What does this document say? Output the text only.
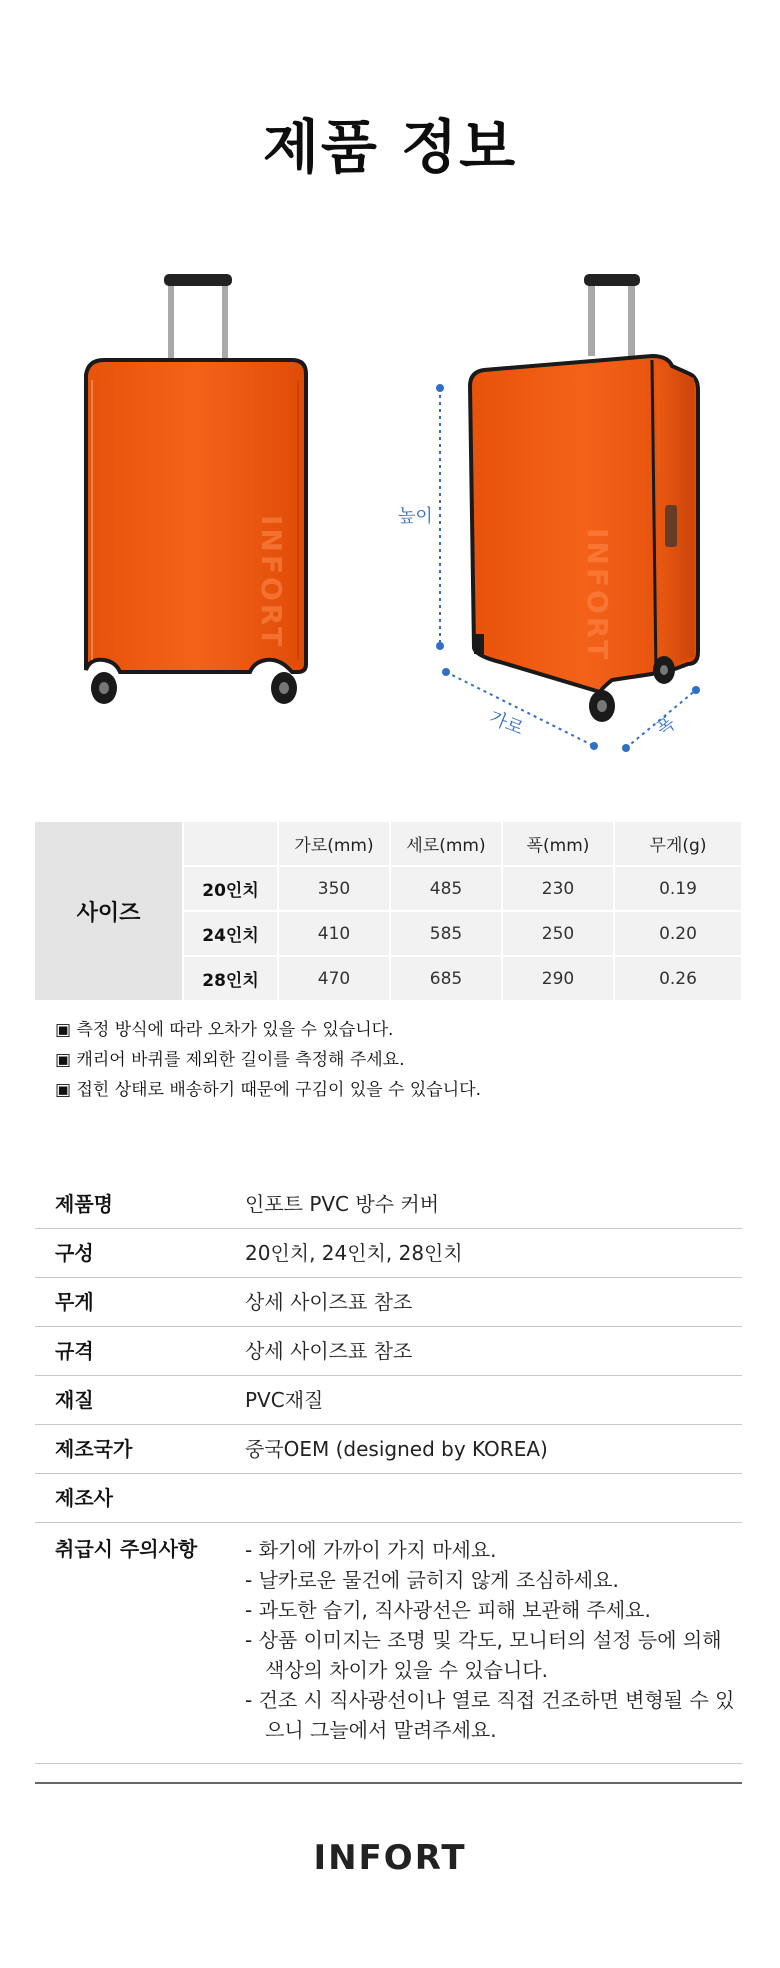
제품 정보
INFORT	INFORT
높이
가로	폭
사이즈		가로(mm)	세로(mm)	폭(mm)	무게(g)
	20인치	350	485	230	0.19
	24인치	410	585	250	0.20
	28인치	470	685	290	0.26
▣ 측정 방식에 따라 오차가 있을 수 있습니다.
▣ 캐리어 바퀴를 제외한 길이를 측정해 주세요.
▣ 접힌 상태로 배송하기 때문에 구김이 있을 수 있습니다.
제품명	인포트 PVC 방수 커버
구성	20인치, 24인치, 28인치
무게	상세 사이즈표 참조
규격	상세 사이즈표 참조
재질	PVC재질
제조국가	중국OEM (designed by KOREA)
제조사	
취급시 주의사항	- 화기에 가까이 가지 마세요.
- 날카로운 물건에 긁히지 않게 조심하세요.
- 과도한 습기, 직사광선은 피해 보관해 주세요.
- 상품 이미지는 조명 및 각도, 모니터의 설정 등에 의해 색상의 차이가 있을 수 있습니다.
- 건조 시 직사광선이나 열로 직접 건조하면 변형될 수 있으니 그늘에서 말려주세요.
INFORT
